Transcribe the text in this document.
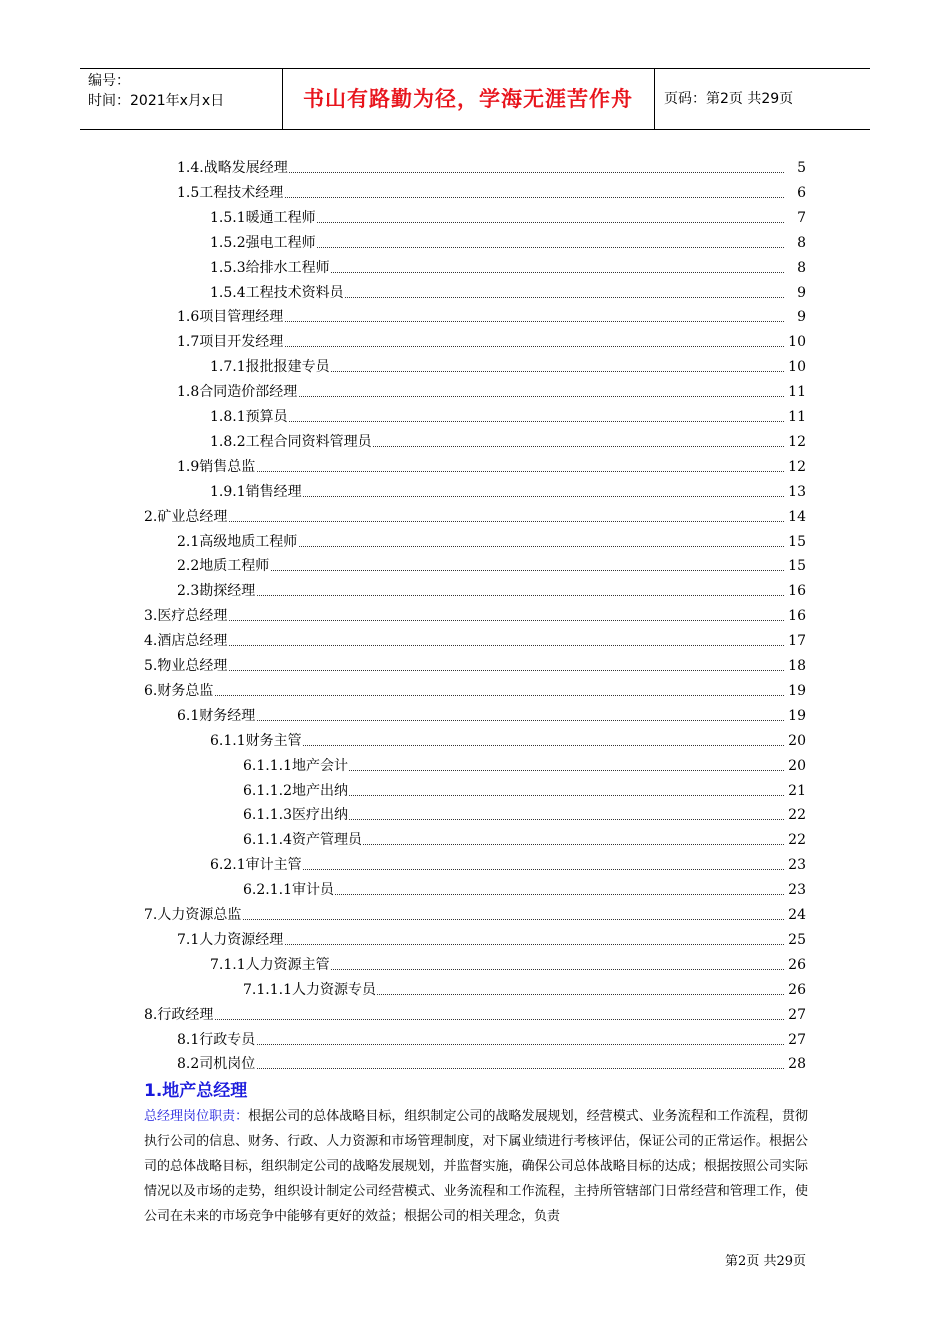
编号：
时间：2021年x月x日	书山有路勤为径，学海无涯苦作舟	页码：第2页 共29页
1.4.战略发展经理	5
1.5工程技术经理	6
1.5.1暖通工程师	7
1.5.2强电工程师	8
1.5.3给排水工程师	8
1.5.4工程技术资料员	9
1.6项目管理经理	9
1.7项目开发经理	10
1.7.1报批报建专员	10
1.8合同造价部经理	11
1.8.1预算员	11
1.8.2工程合同资料管理员	12
1.9销售总监	12
1.9.1销售经理	13
2.矿业总经理	14
2.1高级地质工程师	15
2.2地质工程师	15
2.3勘探经理	16
3.医疗总经理	16
4.酒店总经理	17
5.物业总经理	18
6.财务总监	19
6.1财务经理	19
6.1.1财务主管	20
6.1.1.1地产会计	20
6.1.1.2地产出纳	21
6.1.1.3医疗出纳	22
6.1.1.4资产管理员	22
6.2.1审计主管	23
6.2.1.1审计员	23
7.人力资源总监	24
7.1人力资源经理	25
7.1.1人力资源主管	26
7.1.1.1人力资源专员	26
8.行政经理	27
8.1行政专员	27
8.2司机岗位	28
1.地产总经理
总经理岗位职责：根据公司的总体战略目标，组织制定公司的战略发展规划，经营模式、业务流程和工作流程，贯彻执行公司的信息、财务、行政、人力资源和市场管理制度，对下属业绩进行考核评估，保证公司的正常运作。根据公司的总体战略目标，组织制定公司的战略发展规划，并监督实施，确保公司总体战略目标的达成；根据按照公司实际情况以及市场的走势，组织设计制定公司经营模式、业务流程和工作流程，主持所管辖部门日常经营和管理工作，使公司在未来的市场竞争中能够有更好的效益；根据公司的相关理念，负责
第2页 共29页
